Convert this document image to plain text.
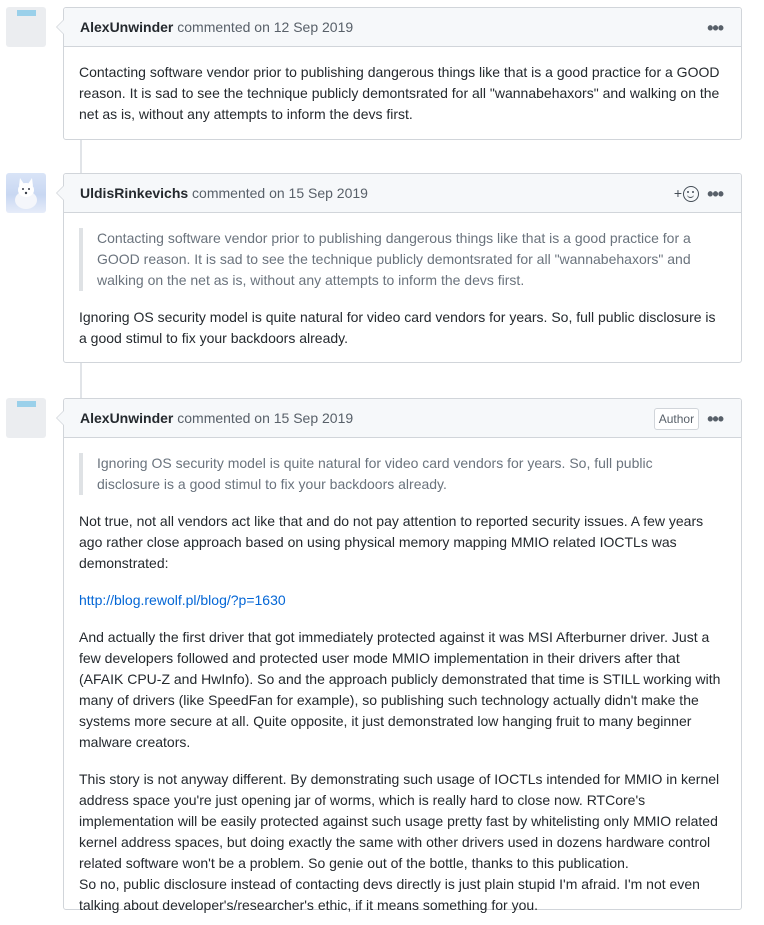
AlexUnwinder commented on 12 Sep 2019	•••

Contacting software vendor prior to publishing dangerous things like that is a good practice for a GOOD reason. It is sad to see the technique publicly demontsrated for all "wannabehaxors" and walking on the net as is, without any attempts to inform the devs first.

UldisRinkevichs commented on 15 Sep 2019	+ •••
Contacting software vendor prior to publishing dangerous things like that is a good practice for a GOOD reason. It is sad to see the technique publicly demontsrated for all "wannabehaxors" and walking on the net as is, without any attempts to inform the devs first.

Ignoring OS security model is quite natural for video card vendors for years. So, full public disclosure is a good stimul to fix your backdoors already.

AlexUnwinder commented on 15 Sep 2019	Author •••
Ignoring OS security model is quite natural for video card vendors for years. So, full public disclosure is a good stimul to fix your backdoors already.

Not true, not all vendors act like that and do not pay attention to reported security issues. A few years ago rather close approach based on using physical memory mapping MMIO related IOCTLs was demonstrated:

http://blog.rewolf.pl/blog/?p=1630

And actually the first driver that got immediately protected against it was MSI Afterburner driver. Just a few developers followed and protected user mode MMIO implementation in their drivers after that (AFAIK CPU-Z and HwInfo). So and the approach publicly demonstrated that time is STILL working with many of drivers (like SpeedFan for example), so publishing such technology actually didn't make the systems more secure at all. Quite opposite, it just demonstrated low hanging fruit to many beginner malware creators.

This story is not anyway different. By demonstrating such usage of IOCTLs intended for MMIO in kernel address space you're just opening jar of worms, which is really hard to close now. RTCore's implementation will be easily protected against such usage pretty fast by whitelisting only MMIO related kernel address spaces, but doing exactly the same with other drivers used in dozens hardware control related software won't be a problem. So genie out of the bottle, thanks to this publication.
So no, public disclosure instead of contacting devs directly is just plain stupid I'm afraid. I'm not even talking about developer's/researcher's ethic, if it means something for you.
